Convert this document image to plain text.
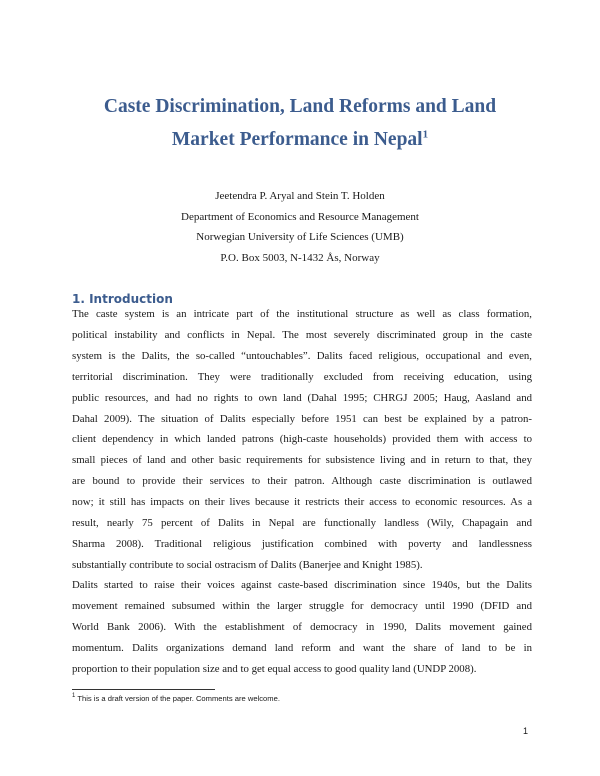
Caste Discrimination, Land Reforms and Land
Market Performance in Nepal$^1$
Jeetendra P. Aryal and Stein T. Holden
Department of Economics and Resource Management
Norwegian University of Life Sciences (UMB)
P.O. Box 5003, N-1432 Ås, Norway
1. Introduction
The caste system is an intricate part of the institutional structure as well as class formation,
political instability and conflicts in Nepal. The most severely discriminated group in the caste
system is the Dalits, the so-called “untouchables”. Dalits faced religious, occupational and even,
territorial discrimination. They were traditionally excluded from receiving education, using
public resources, and had no rights to own land (Dahal 1995; CHRGJ 2005; Haug, Aasland and
Dahal 2009). The situation of Dalits especially before 1951 can best be explained by a patron-
client dependency in which landed patrons (high-caste households) provided them with access to
small pieces of land and other basic requirements for subsistence living and in return to that, they
are bound to provide their services to their patron. Although caste discrimination is outlawed
now; it still has impacts on their lives because it restricts their access to economic resources. As a
result, nearly 75 percent of Dalits in Nepal are functionally landless (Wily, Chapagain and
Sharma 2008). Traditional religious justification combined with poverty and landlessness
substantially contribute to social ostracism of Dalits (Banerjee and Knight 1985).
Dalits started to raise their voices against caste-based discrimination since 1940s, but the Dalits
movement remained subsumed within the larger struggle for democracy until 1990 (DFID and
World Bank 2006). With the establishment of democracy in 1990, Dalits movement gained
momentum. Dalits organizations demand land reform and want the share of land to be in
proportion to their population size and to get equal access to good quality land (UNDP 2008).
$^1$ This is a draft version of the paper. Comments are welcome.
1
